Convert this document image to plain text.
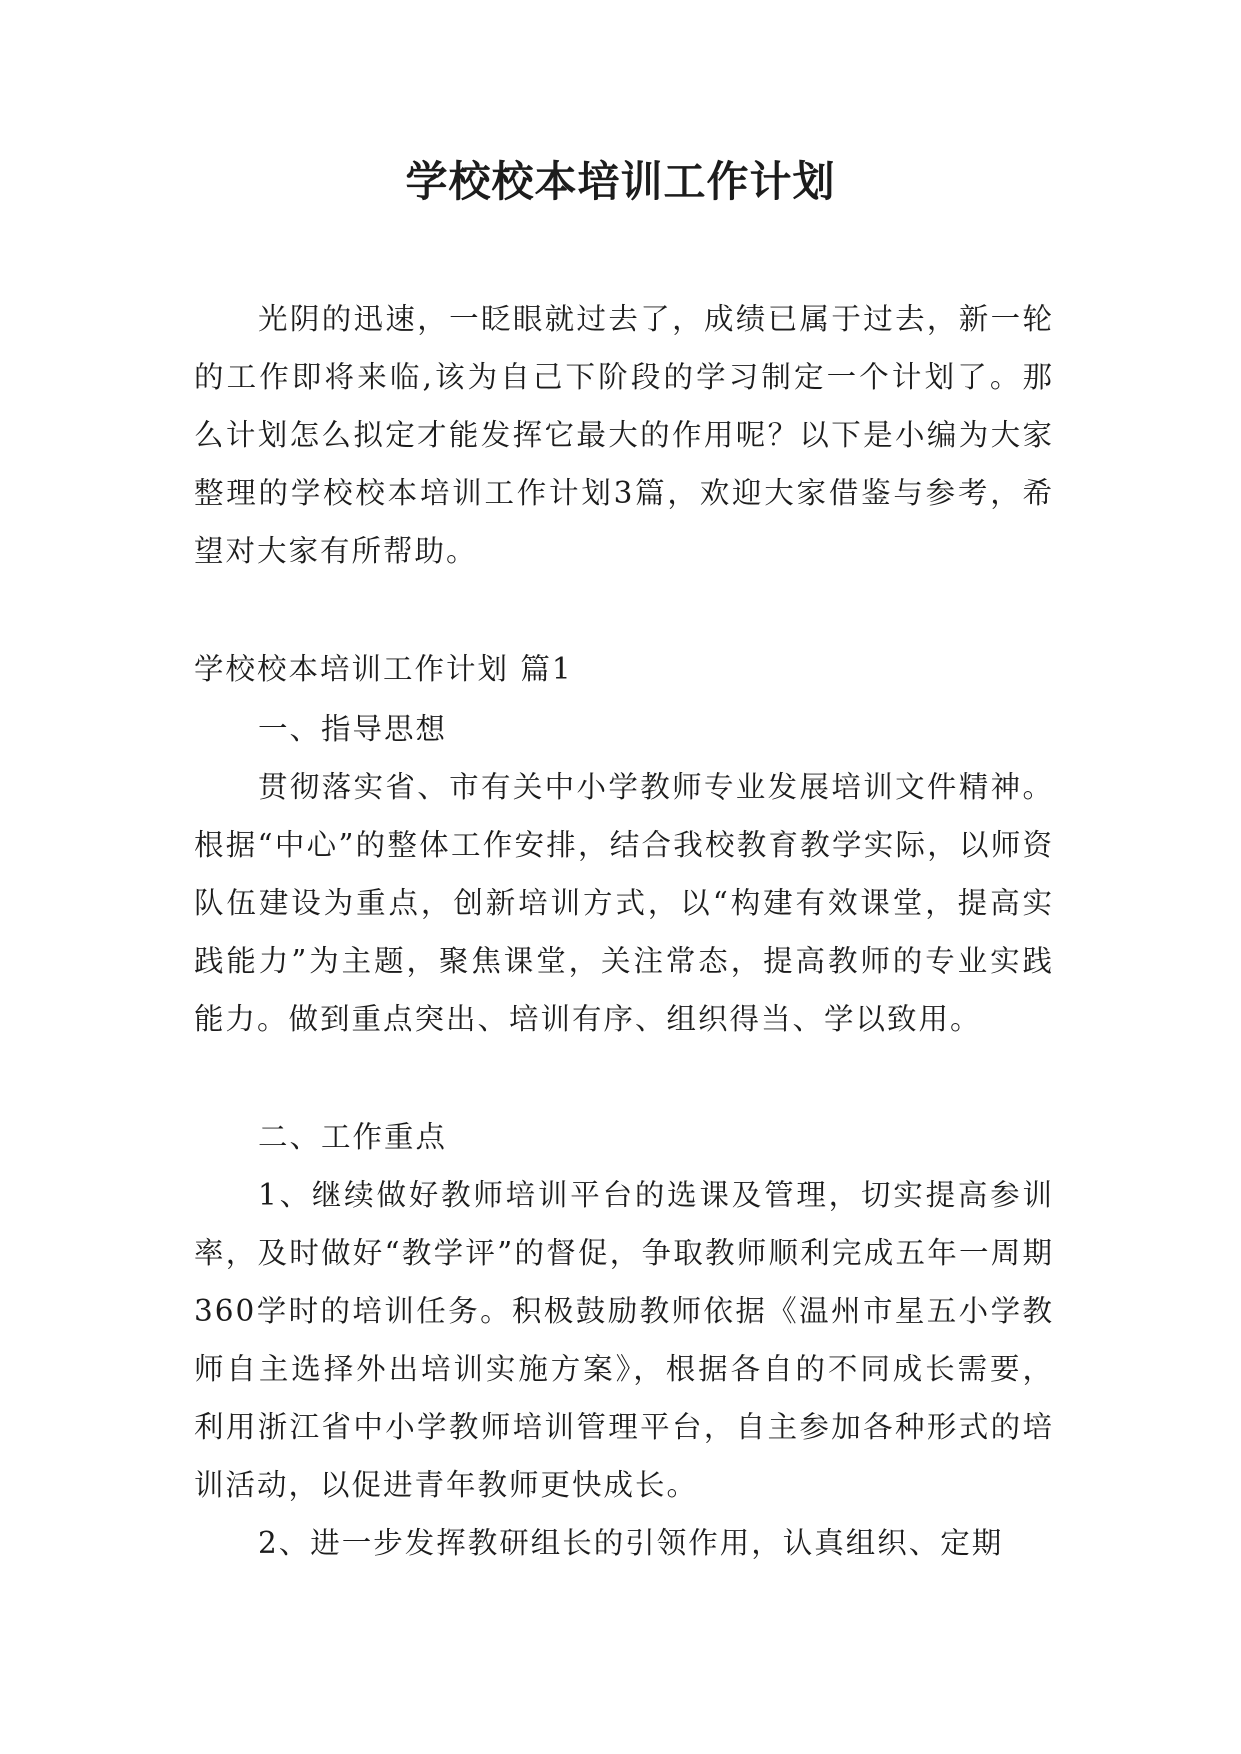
学校校本培训工作计划

光阴的迅速，一眨眼就过去了，成绩已属于过去，新一轮的工作即将来临,该为自己下阶段的学习制定一个计划了。那么计划怎么拟定才能发挥它最大的作用呢？以下是小编为大家整理的学校校本培训工作计划3篇，欢迎大家借鉴与参考，希望对大家有所帮助。

学校校本培训工作计划 篇1

一、指导思想

贯彻落实省、市有关中小学教师专业发展培训文件精神。根据“中心”的整体工作安排，结合我校教育教学实际，以师资队伍建设为重点，创新培训方式，以“构建有效课堂，提高实践能力”为主题，聚焦课堂，关注常态，提高教师的专业实践能力。做到重点突出、培训有序、组织得当、学以致用。

二、工作重点

1、继续做好教师培训平台的选课及管理，切实提高参训率，及时做好“教学评”的督促，争取教师顺利完成五年一周期360学时的培训任务。积极鼓励教师依据《温州市星五小学教师自主选择外出培训实施方案》，根据各自的不同成长需要，利用浙江省中小学教师培训管理平台，自主参加各种形式的培训活动，以促进青年教师更快成长。

2、进一步发挥教研组长的引领作用，认真组织、定期
